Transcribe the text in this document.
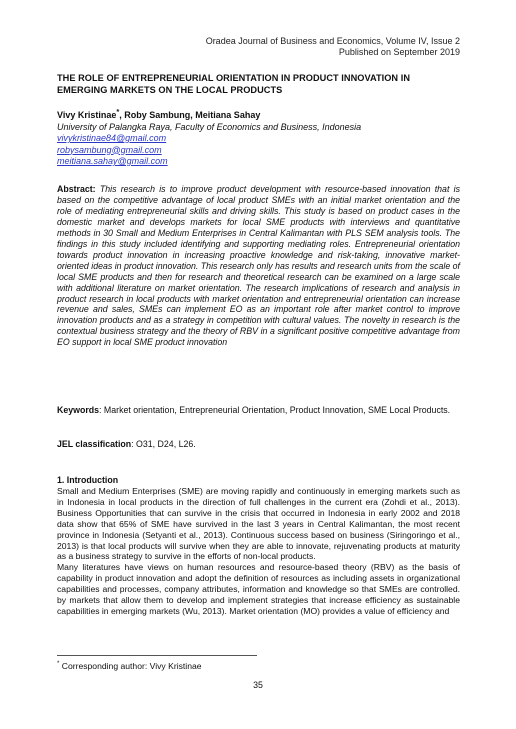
Oradea Journal of Business and Economics, Volume IV, Issue 2
Published on September 2019
THE ROLE OF ENTREPRENEURIAL ORIENTATION IN PRODUCT INNOVATION IN EMERGING MARKETS ON THE LOCAL PRODUCTS
Vivy Kristinae*, Roby Sambung, Meitiana Sahay
University of Palangka Raya, Faculty of Economics and Business, Indonesia
vivykristinae84@gmail.com
robysambung@gmail.com
meitiana.sahay@gmail.com
Abstract: This research is to improve product development with resource-based innovation that is based on the competitive advantage of local product SMEs with an initial market orientation and the role of mediating entrepreneurial skills and driving skills. This study is based on product cases in the domestic market and develops markets for local SME products with interviews and quantitative methods in 30 Small and Medium Enterprises in Central Kalimantan with PLS SEM analysis tools. The findings in this study included identifying and supporting mediating roles. Entrepreneurial orientation towards product innovation in increasing proactive knowledge and risk-taking, innovative market-oriented ideas in product innovation. This research only has results and research units from the scale of local SME products and then for research and theoretical research can be examined on a large scale with additional literature on market orientation. The research implications of research and analysis in product research in local products with market orientation and entrepreneurial orientation can increase revenue and sales, SMEs can implement EO as an important role after market control to improve innovation products and as a strategy in competition with cultural values. The novelty in research is the contextual business strategy and the theory of RBV in a significant positive competitive advantage from EO support in local SME product innovation
Keywords: Market orientation, Entrepreneurial Orientation, Product Innovation, SME Local Products.
JEL classification: O31, D24, L26.
1. Introduction

Small and Medium Enterprises (SME) are moving rapidly and continuously in emerging markets such as in Indonesia in local products in the direction of full challenges in the current era (Zohdi et al., 2013). Business Opportunities that can survive in the crisis that occurred in Indonesia in early 2002 and 2018 data show that 65% of SME have survived in the last 3 years in Central Kalimantan, the most recent province in Indonesia (Setyanti et al., 2013). Continuous success based on business (Siringoringo et al., 2013) is that local products will survive when they are able to innovate, rejuvenating products at maturity as a business strategy to survive in the efforts of non-local products.

Many literatures have views on human resources and resource-based theory (RBV) as the basis of capability in product innovation and adopt the definition of resources as including assets in organizational capabilities and processes, company attributes, information and knowledge so that SMEs are controlled. by markets that allow them to develop and implement strategies that increase efficiency as sustainable capabilities in emerging markets (Wu, 2013). Market orientation (MO) provides a value of efficiency and

* Corresponding author: Vivy Kristinae
35
